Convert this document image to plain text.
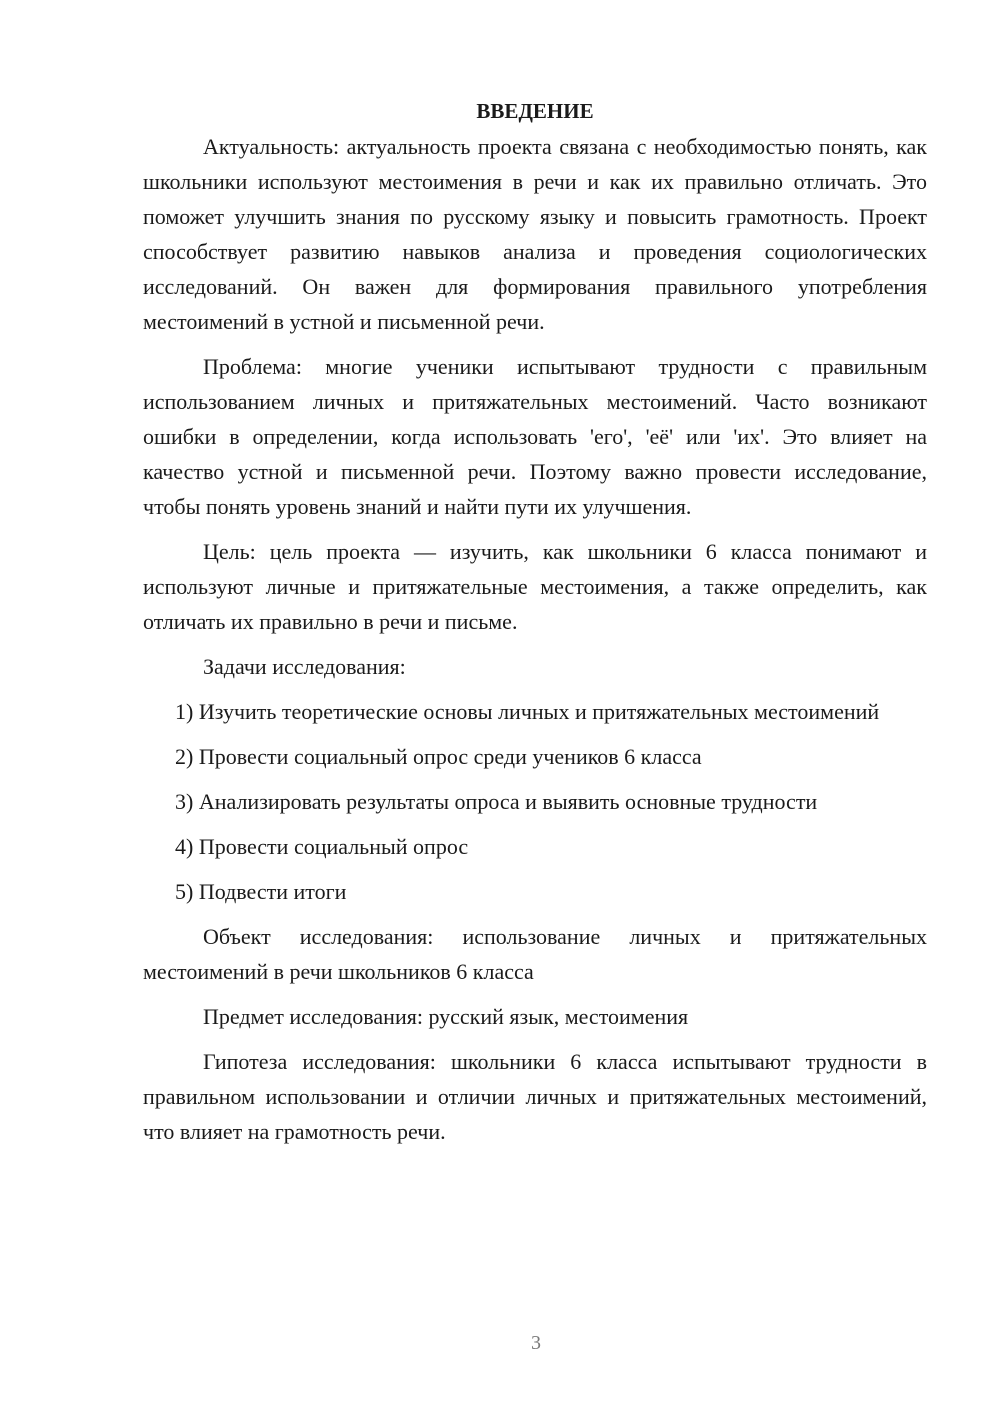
ВВЕДЕНИЕ

Актуальность: актуальность проекта связана с необходимостью понять, как школьники используют местоимения в речи и как их правильно отличать. Это поможет улучшить знания по русскому языку и повысить грамотность. Проект способствует развитию навыков анализа и проведения социологических исследований. Он важен для формирования правильного употребления местоимений в устной и письменной речи.

Проблема: многие ученики испытывают трудности с правильным использованием личных и притяжательных местоимений. Часто возникают ошибки в определении, когда использовать 'его', 'её' или 'их'. Это влияет на качество устной и письменной речи. Поэтому важно провести исследование, чтобы понять уровень знаний и найти пути их улучшения.

Цель: цель проекта — изучить, как школьники 6 класса понимают и используют личные и притяжательные местоимения, а также определить, как отличать их правильно в речи и письме.

Задачи исследования:

1) Изучить теоретические основы личных и притяжательных местоимений

2) Провести социальный опрос среди учеников 6 класса

3) Анализировать результаты опроса и выявить основные трудности

4) Провести социальный опрос

5) Подвести итоги

Объект исследования: использование личных и притяжательных местоимений в речи школьников 6 класса

Предмет исследования: русский язык, местоимения

Гипотеза исследования: школьники 6 класса испытывают трудности в правильном использовании и отличии личных и притяжательных местоимений, что влияет на грамотность речи.

3
